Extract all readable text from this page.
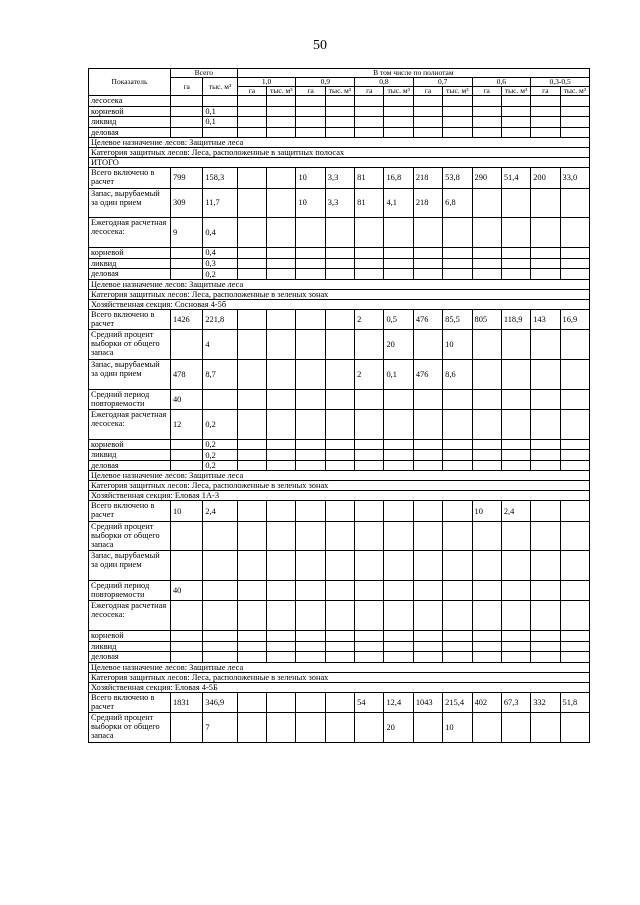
50
Показатель	Всего		В том числе по полнотам											
	га	тыс. м³	1,0		0,9		0,8		0,7		0,6		0,3-0,5	
			га	тыс. м³	га	тыс. м³	га	тыс. м³	га	тыс. м³	га	тыс. м³	га	тыс. м³
лесосека														
корневой		0,1												
ликвид		0,1												
деловая														
Целевое назначение лесов: Защитные леса														
Категория защитных лесов: Леса, расположенные в защитных полосах														
ИТОГО														
Всего включено в расчет	799	158,3			10	3,3	81	16,8	218	53,8	290	51,4	200	33,0
Запас, вырубаемый за один прием	309	11,7			10	3,3	81	4,1	218	6,8				
Ежегодная расчетная лесосека:	9	0,4												
корневой		0,4												
ликвид		0,3												
деловая		0,2												
Целевое назначение лесов: Защитные леса														
Категория защитных лесов: Леса, расположенные в зеленых зонах														
Хозяйственная секция: Сосновая 4-5б														
Всего включено в расчет	1426	221,8					2	0,5	476	85,5	805	118,9	143	16,9
Средний процент выборки от общего запаса		4						20		10				
Запас, вырубаемый за один прием	478	8,7					2	0,1	476	8,6				
Средний период повторяемости	40													
Ежегодная расчетная лесосека:	12	0,2												
корневой		0,2												
ликвид		0,2												
деловая		0,2												
Целевое назначение лесов: Защитные леса														
Категория защитных лесов: Леса, расположенные в зеленых зонах														
Хозяйственная секция: Еловая 1А-3														
Всего включено в расчет	10	2,4									10	2,4		
Средний процент выборки от общего запаса														
Запас, вырубаемый за один прием														
Средний период повторяемости	40													
Ежегодная расчетная лесосека:														
корневой														
ликвид														
деловая														
Целевое назначение лесов: Защитные леса														
Категория защитных лесов: Леса, расположенные в зеленых зонах														
Хозяйственная секция: Еловая 4-5Б														
Всего включено в расчет	1831	346,9					54	12,4	1043	215,4	402	67,3	332	51,8
Средний процент выборки от общего запаса		7						20		10				
